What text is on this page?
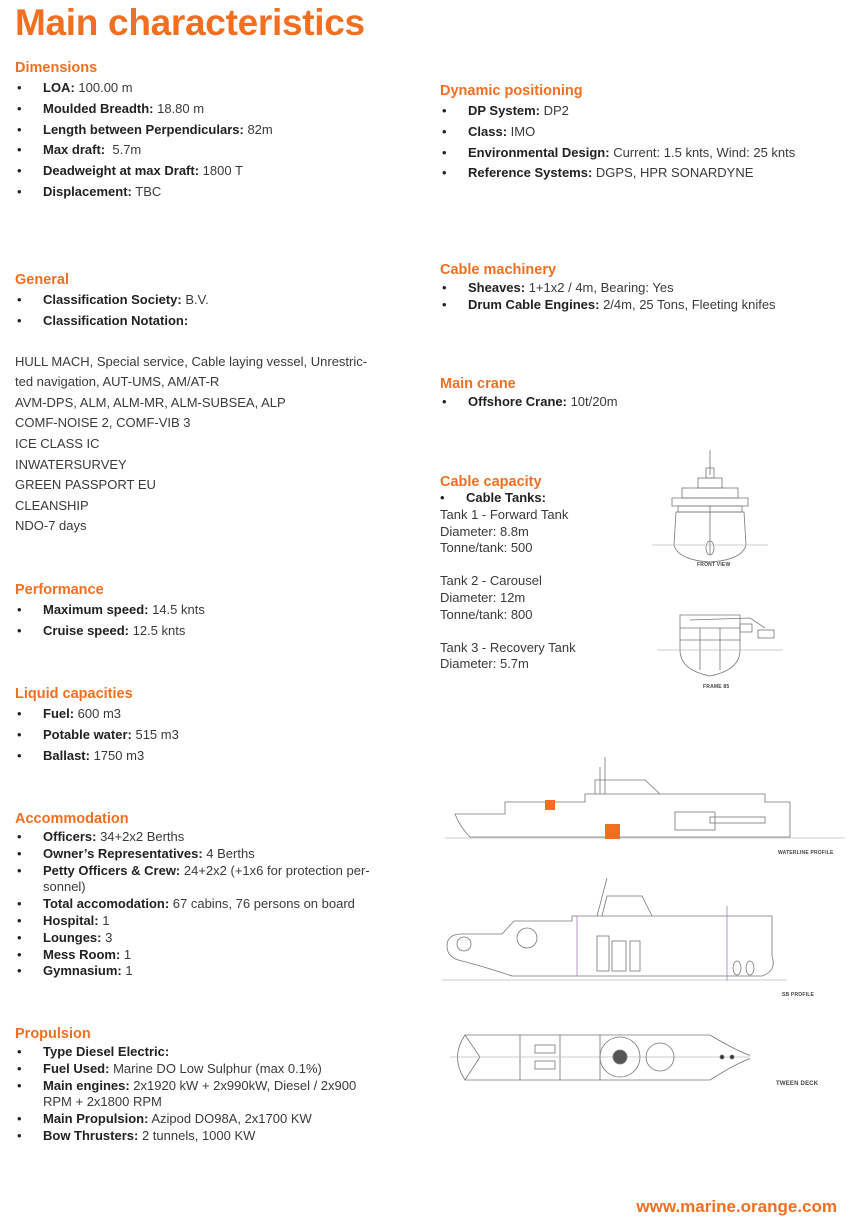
Main characteristics
Dimensions
• LOA: 100.00 m
• Moulded Breadth: 18.80 m
• Length between Perpendiculars: 82m
• Max draft:  5.7m
• Deadweight at max Draft: 1800 T
• Displacement: TBC
General
• Classification Society: B.V.
• Classification Notation:
HULL MACH, Special service, Cable laying vessel, Unrestric-
ted navigation, AUT-UMS, AM/AT-R
AVM-DPS, ALM, ALM-MR, ALM-SUBSEA, ALP
COMF-NOISE 2, COMF-VIB 3
ICE CLASS IC
INWATERSURVEY
GREEN PASSPORT EU
CLEANSHIP
NDO-7 days
Performance
• Maximum speed: 14.5 knts
• Cruise speed: 12.5 knts
Liquid capacities
• Fuel: 600 m3
• Potable water: 515 m3
• Ballast: 1750 m3
Accommodation
• Officers: 34+2x2 Berths
• Owner’s Representatives: 4 Berths
• Petty Officers & Crew: 24+2x2 (+1x6 for protection per-
sonnel)
• Total accomodation: 67 cabins, 76 persons on board
• Hospital: 1
• Lounges: 3
• Mess Room: 1
• Gymnasium: 1
Propulsion
• Type Diesel Electric:
• Fuel Used: Marine DO Low Sulphur (max 0.1%)
• Main engines: 2x1920 kW + 2x990kW, Diesel / 2x900
RPM + 2x1800 RPM
• Main Propulsion: Azipod DO98A, 2x1700 KW
• Bow Thrusters: 2 tunnels, 1000 KW
Dynamic positioning
• DP System: DP2
• Class: IMO
• Environmental Design: Current: 1.5 knts, Wind: 25 knts
• Reference Systems: DGPS, HPR SONARDYNE
Cable machinery
• Sheaves: 1+1x2 / 4m, Bearing: Yes
• Drum Cable Engines: 2/4m, 25 Tons, Fleeting knifes
Main crane
• Offshore Crane: 10t/20m
Cable capacity
• Cable Tanks:
Tank 1 - Forward Tank
Diameter: 8.8m
Tonne/tank: 500
Tank 2 - Carousel
Diameter: 12m
Tonne/tank: 800
Tank 3 - Recovery Tank
Diameter: 5.7m
FRONT VIEW
FRAME 85
WATERLINE PROFILE
SB PROFILE
TWEEN DECK
www.marine.orange.com
